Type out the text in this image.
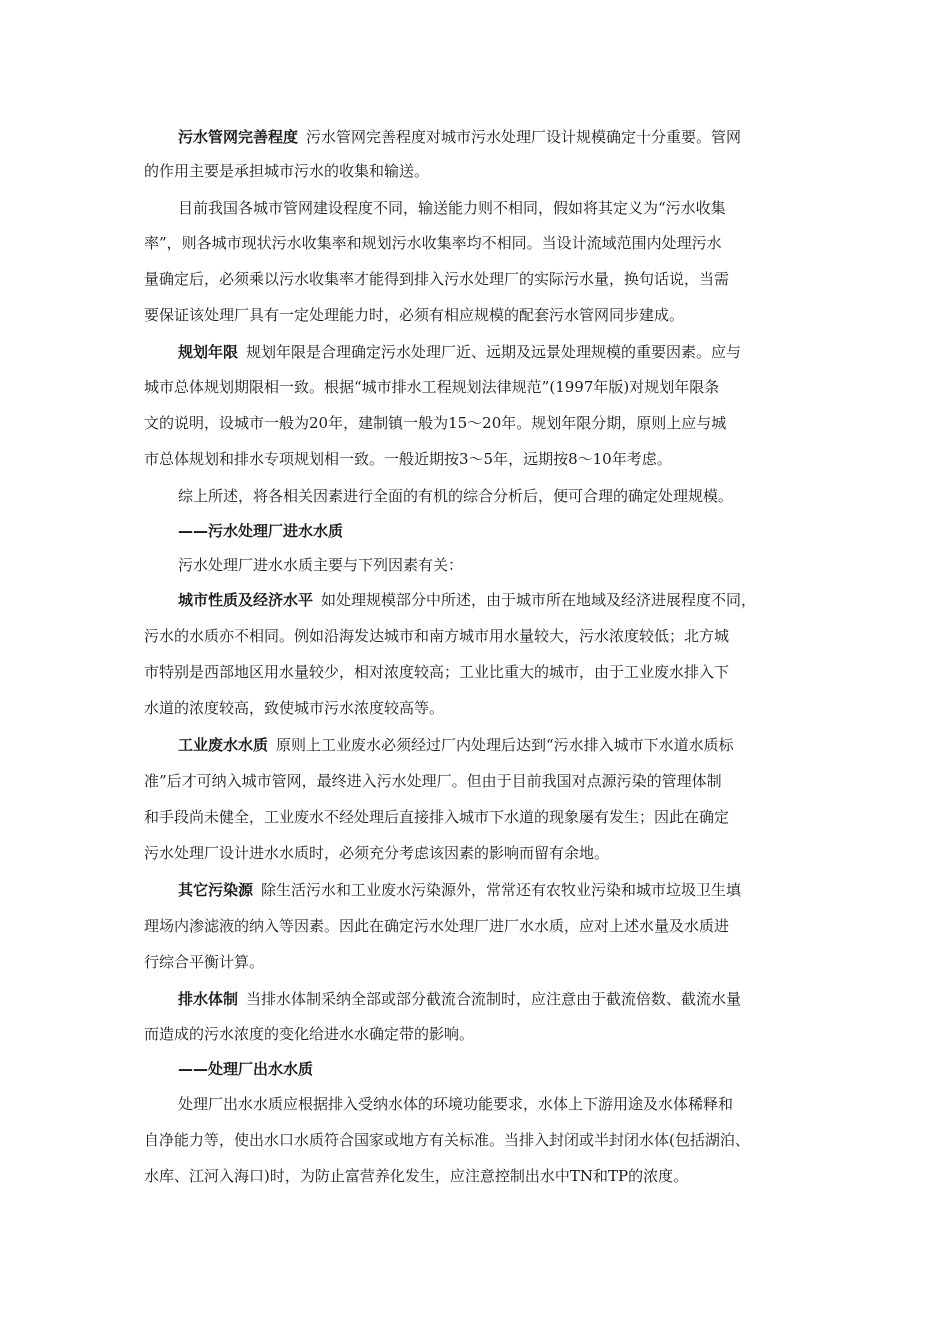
污水管网完善程度 污水管网完善程度对城市污水处理厂设计规模确定十分重要。管网
的作用主要是承担城市污水的收集和输送。
目前我国各城市管网建设程度不同，输送能力则不相同，假如将其定义为“污水收集
率”，则各城市现状污水收集率和规划污水收集率均不相同。当设计流域范围内处理污水
量确定后，必须乘以污水收集率才能得到排入污水处理厂的实际污水量，换句话说，当需
要保证该处理厂具有一定处理能力时，必须有相应规模的配套污水管网同步建成。
规划年限 规划年限是合理确定污水处理厂近、远期及远景处理规模的重要因素。应与
城市总体规划期限相一致。根据“城市排水工程规划法律规范”(1997年版)对规划年限条
文的说明，设城市一般为20年，建制镇一般为15～20年。规划年限分期，原则上应与城
市总体规划和排水专项规划相一致。一般近期按3～5年，远期按8～10年考虑。
综上所述，将各相关因素进行全面的有机的综合分析后，便可合理的确定处理规模。
——污水处理厂进水水质
污水处理厂进水水质主要与下列因素有关：
城市性质及经济水平 如处理规模部分中所述，由于城市所在地域及经济进展程度不同，
污水的水质亦不相同。例如沿海发达城市和南方城市用水量较大，污水浓度较低；北方城
市特别是西部地区用水量较少，相对浓度较高；工业比重大的城市，由于工业废水排入下
水道的浓度较高，致使城市污水浓度较高等。
工业废水水质 原则上工业废水必须经过厂内处理后达到“污水排入城市下水道水质标
准”后才可纳入城市管网，最终进入污水处理厂。但由于目前我国对点源污染的管理体制
和手段尚未健全，工业废水不经处理后直接排入城市下水道的现象屡有发生；因此在确定
污水处理厂设计进水水质时，必须充分考虑该因素的影响而留有余地。
其它污染源 除生活污水和工业废水污染源外，常常还有农牧业污染和城市垃圾卫生填
理场内渗滤液的纳入等因素。因此在确定污水处理厂进厂水水质，应对上述水量及水质进
行综合平衡计算。
排水体制 当排水体制采纳全部或部分截流合流制时，应注意由于截流倍数、截流水量
而造成的污水浓度的变化给进水水确定带的影响。
——处理厂出水水质
处理厂出水水质应根据排入受纳水体的环境功能要求，水体上下游用途及水体稀释和
自净能力等，使出水口水质符合国家或地方有关标准。当排入封闭或半封闭水体(包括湖泊、
水库、江河入海口)时，为防止富营养化发生，应注意控制出水中TN和TP的浓度。
